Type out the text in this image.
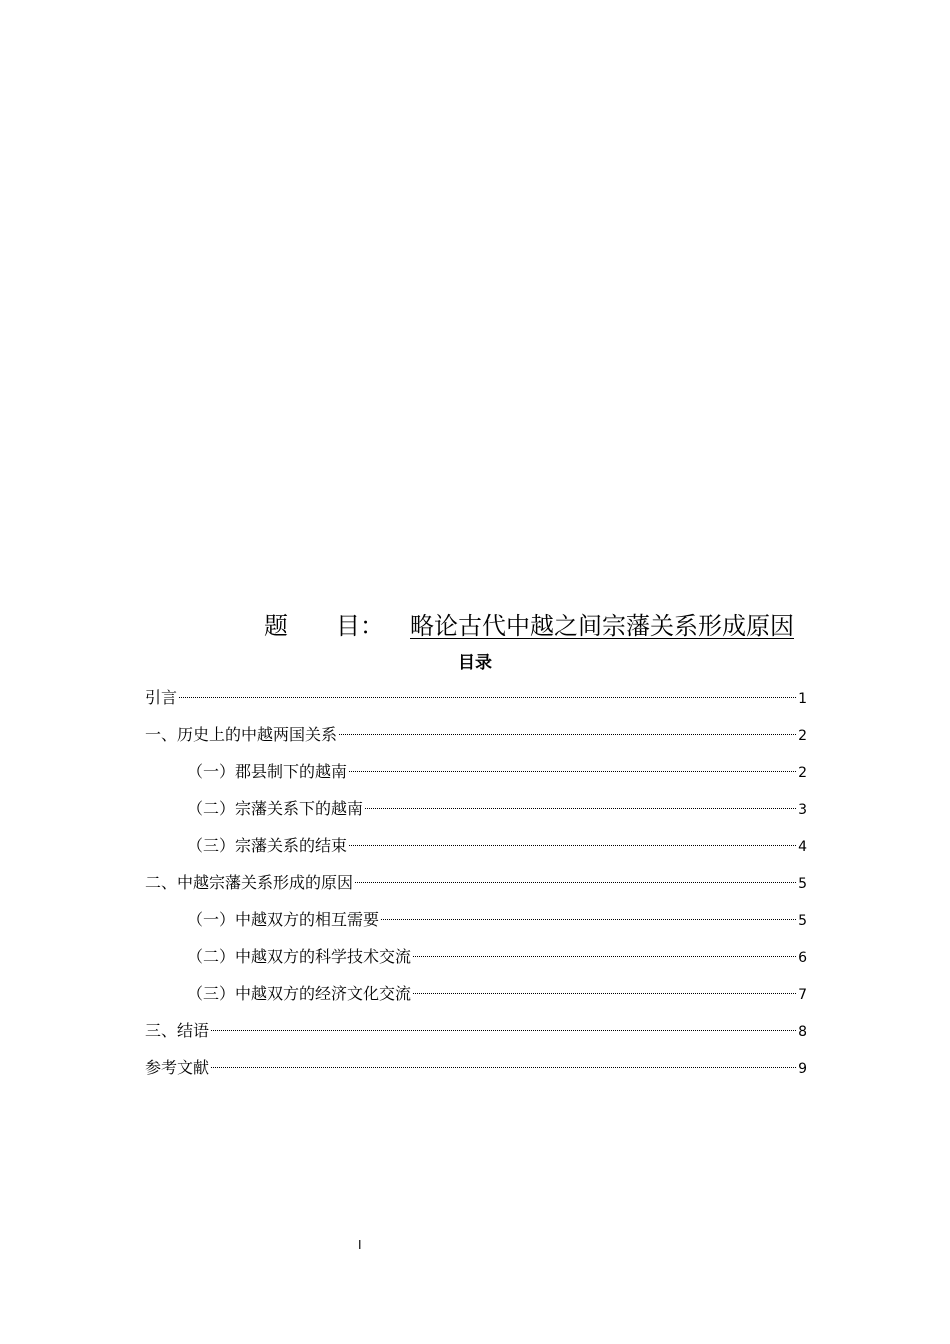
题 目： 略论古代中越之间宗藩关系形成原因
目录
引言	1
一、历史上的中越两国关系	2
（一）郡县制下的越南	2
（二）宗藩关系下的越南	3
（三）宗藩关系的结束	4
二、中越宗藩关系形成的原因	5
（一）中越双方的相互需要	5
（二）中越双方的科学技术交流	6
（三）中越双方的经济文化交流	7
三、结语	8
参考文献	9
I
